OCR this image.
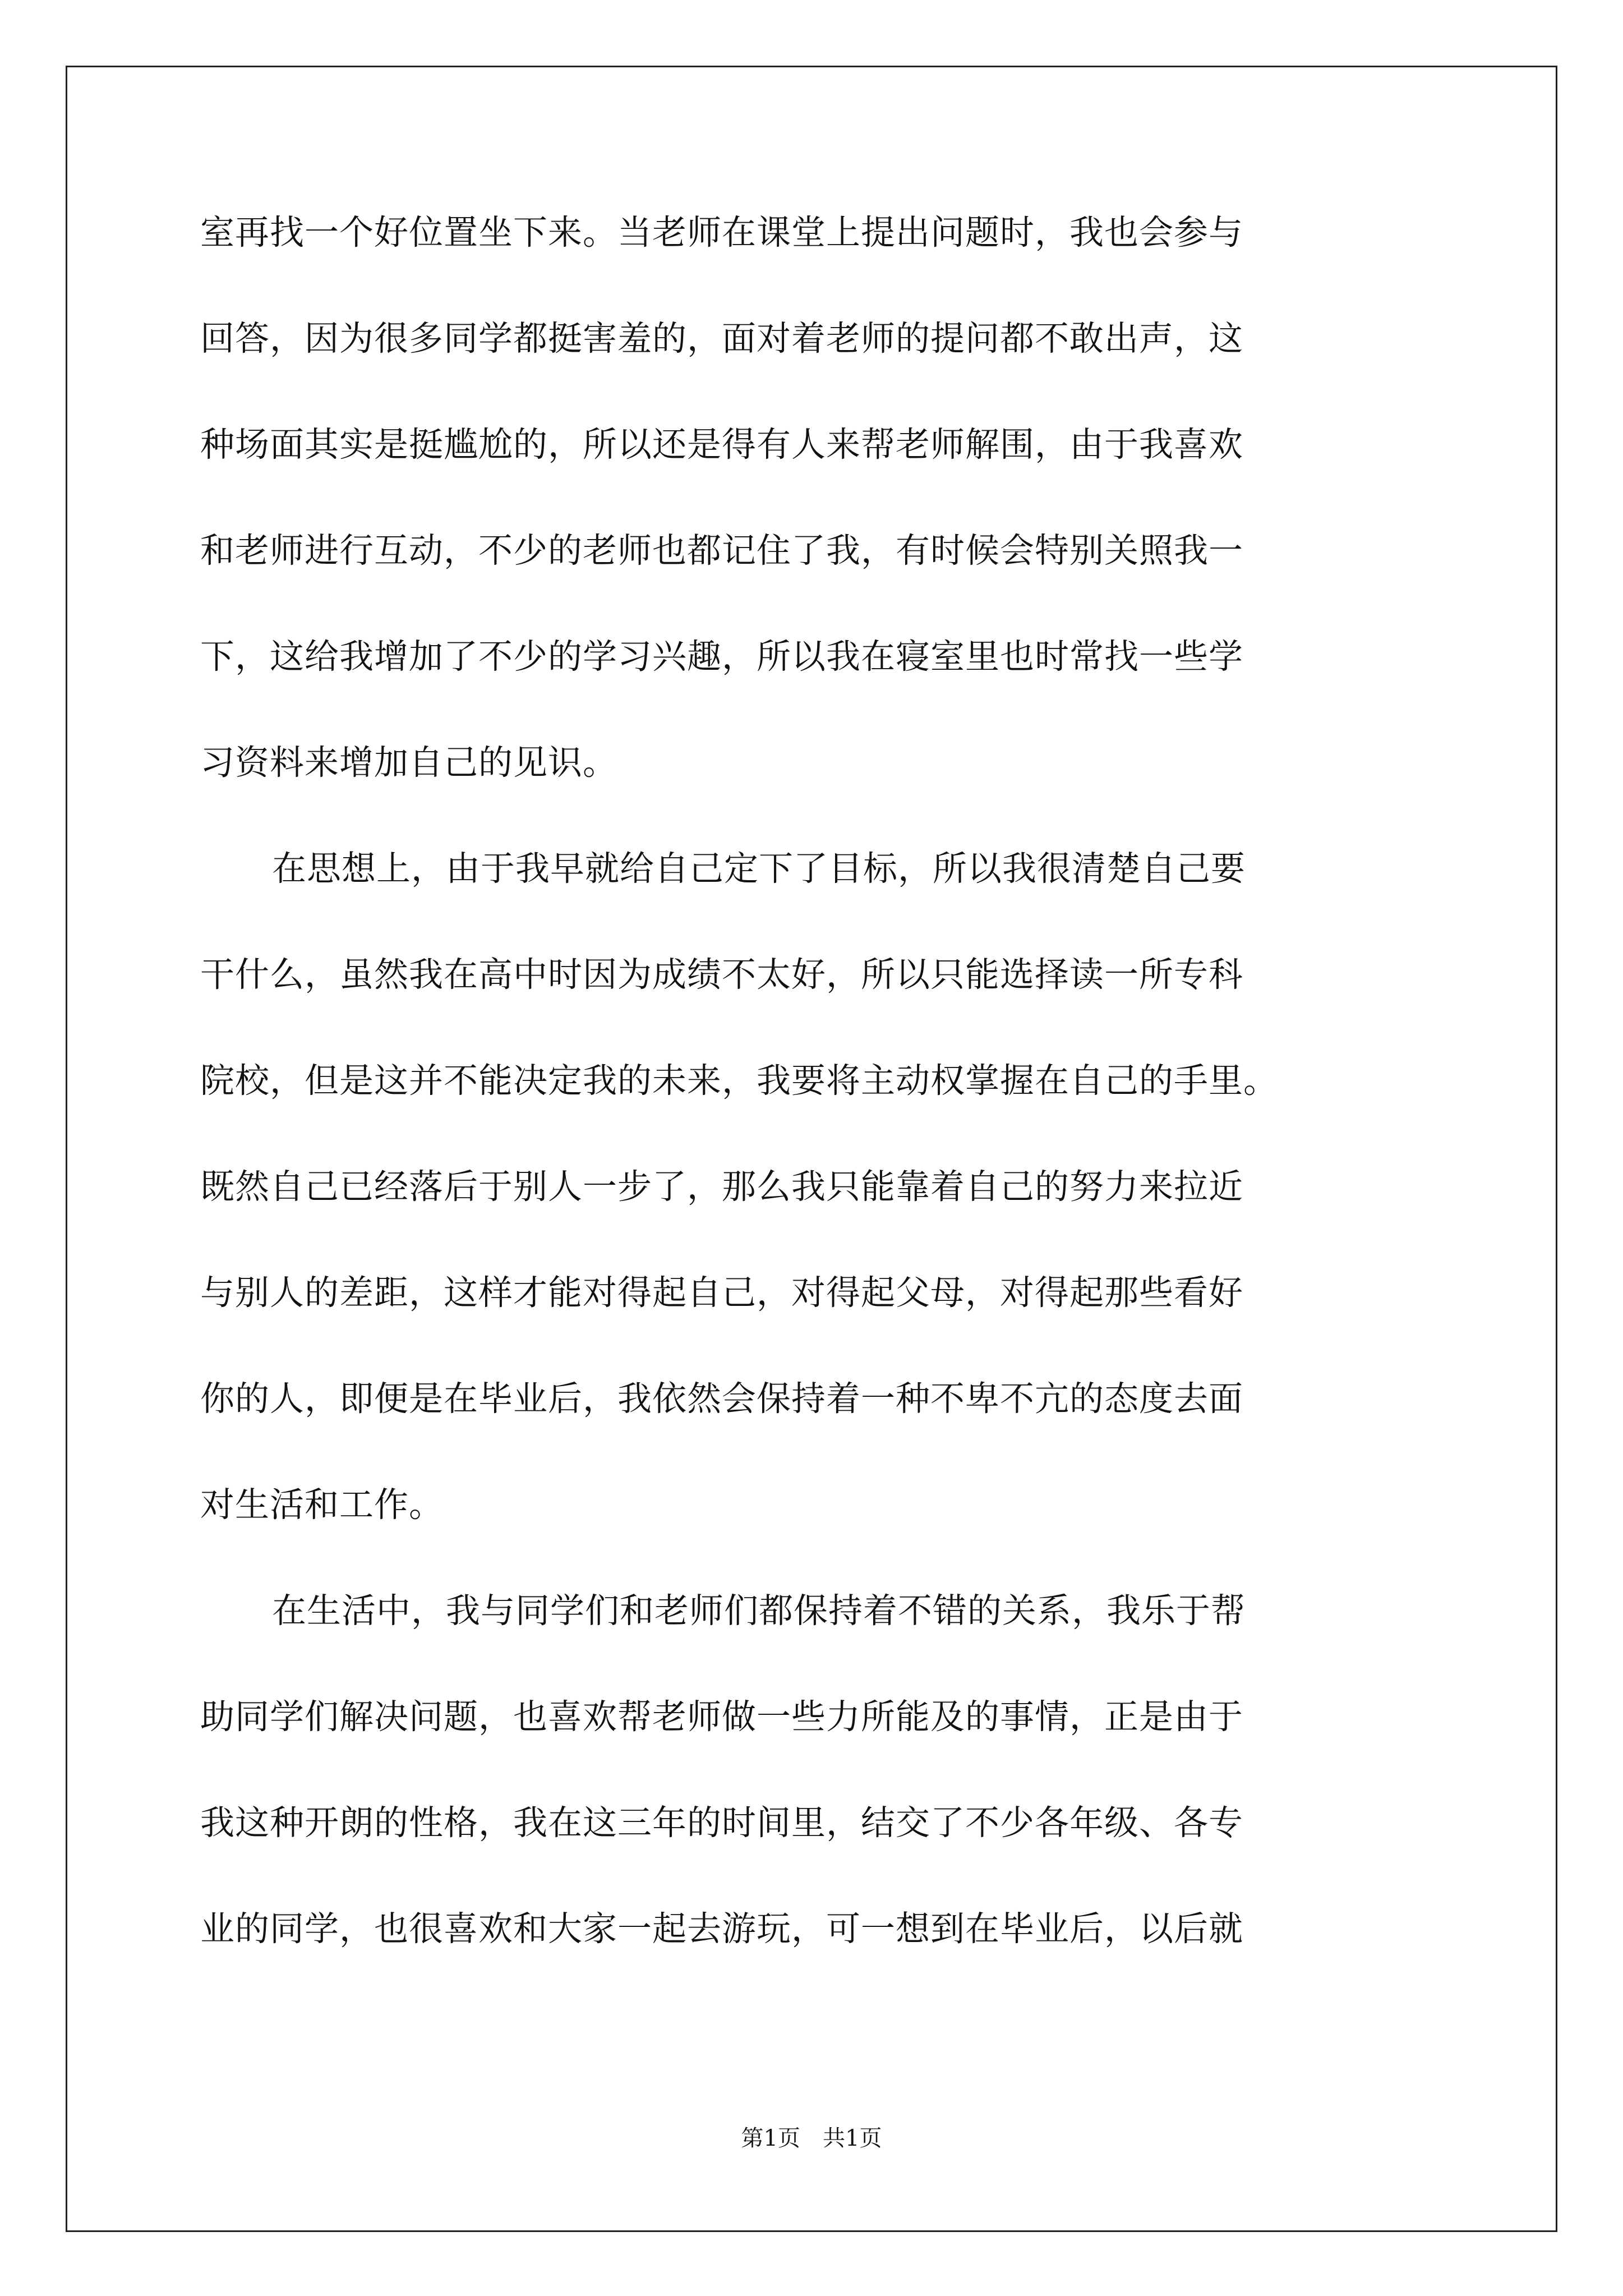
室再找一个好位置坐下来。当老师在课堂上提出问题时，我也会参与
回答，因为很多同学都挺害羞的，面对着老师的提问都不敢出声，这
种场面其实是挺尴尬的，所以还是得有人来帮老师解围，由于我喜欢
和老师进行互动，不少的老师也都记住了我，有时候会特别关照我一
下，这给我增加了不少的学习兴趣，所以我在寝室里也时常找一些学
习资料来增加自己的见识。
在思想上，由于我早就给自己定下了目标，所以我很清楚自己要
干什么，虽然我在高中时因为成绩不太好，所以只能选择读一所专科
院校，但是这并不能决定我的未来，我要将主动权掌握在自己的手里。
既然自己已经落后于别人一步了，那么我只能靠着自己的努力来拉近
与别人的差距，这样才能对得起自己，对得起父母，对得起那些看好
你的人，即便是在毕业后，我依然会保持着一种不卑不亢的态度去面
对生活和工作。
在生活中，我与同学们和老师们都保持着不错的关系，我乐于帮
助同学们解决问题，也喜欢帮老师做一些力所能及的事情，正是由于
我这种开朗的性格，我在这三年的时间里，结交了不少各年级、各专
业的同学，也很喜欢和大家一起去游玩，可一想到在毕业后，以后就
第1页　共1页
